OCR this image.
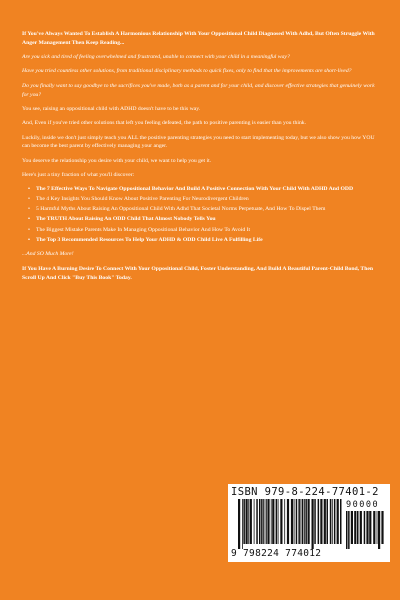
If You've Always Wanted To Establish A Harmonious Relationship With Your Oppositional Child Diagnosed With Adhd, But Often Struggle With Anger Management Then Keep Reading...

Are you sick and tired of feeling overwhelmed and frustrated, unable to connect with your child in a meaningful way?

Have you tried countless other solutions, from traditional disciplinary methods to quick fixes, only to find that the improvements are short-lived?

Do you finally want to say goodbye to the sacrifices you've made, both as a parent and for your child, and discover effective strategies that genuinely work for you?

You see, raising an oppositional child with ADHD doesn't have to be this way.

And, Even if you've tried other solutions that left you feeling defeated, the path to positive parenting is easier than you think.

Luckily, inside we don't just simply teach you ALL the positive parenting strategies you need to start implementing today, but we also show you how YOU can become the best parent by effectively managing your anger.

You deserve the relationship you desire with your child, we want to help you get it.

Here's just a tiny fraction of what you'll discover:

• The 7 Effective Ways To Navigate Oppositional Behavior And Build A Positive Connection With Your Child With ADHD And ODD
• The 4 Key Insights You Should Know About Positive Parenting For Neurodivergent Children
• 5 Harmful Myths About Raising An Oppositional Child With Adhd That Societal Norms Perpetuate, And How To Dispel Them
• The TRUTH About Raising An ODD Child That Almost Nobody Tells You
• The Biggest Mistake Parents Make In Managing Oppositional Behavior And How To Avoid It
• The Top 3 Recommended Resources To Help Your ADHD & ODD Child Live A Fulfilling Life

...And SO Much More!

If You Have A Burning Desire To Connect With Your Oppositional Child, Foster Understanding, And Build A Beautiful Parent-Child Bond, Then Scroll Up And Click "Buy This Book" Today.

ISBN 979-8-224-77401-2
90000
9 798224 774012
